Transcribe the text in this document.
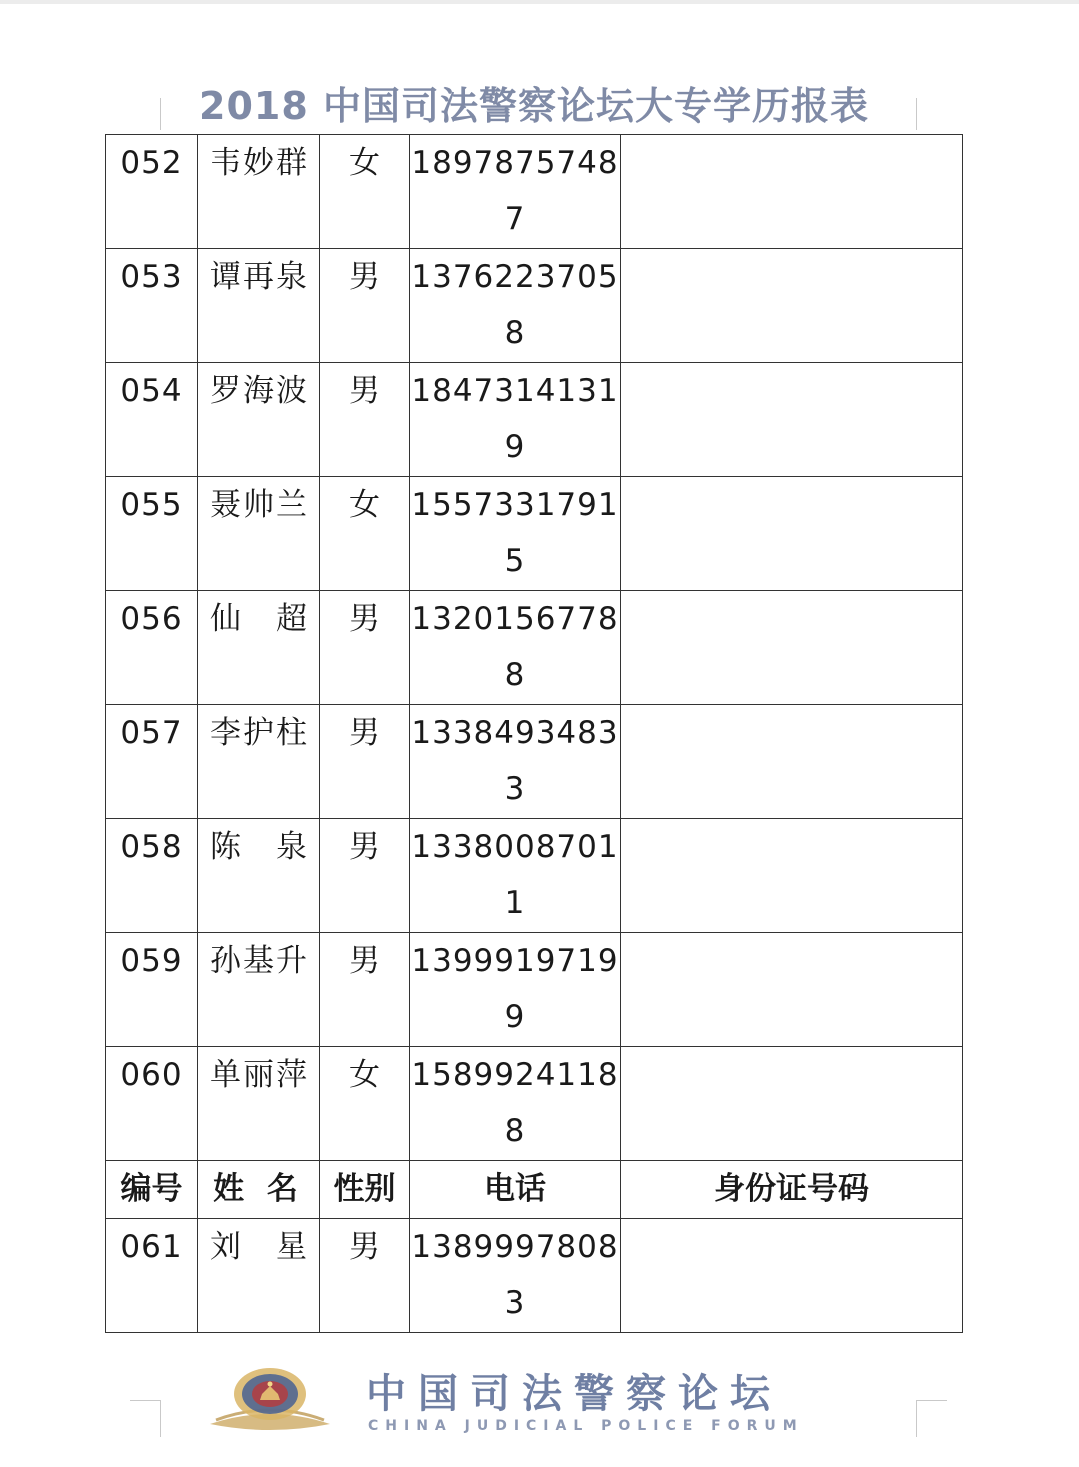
2018 中国司法警察论坛大专学历报表
052	韦妙群	女	1897875748
7	

053	谭再泉	男	1376223705
8	

054	罗海波	男	1847314131
9	

055	聂帅兰	女	1557331791
5	

056	仙　超	男	1320156778
8	

057	李护柱	男	1338493483
3	

058	陈　泉	男	1338008701
1	

059	孙基升	男	1399919719
9	

060	单丽萍	女	1589924118
8	

编号	姓 名	性别	电话	身份证号码
061	刘　星	男	1389997808
3	

中国司法警察论坛
CHINA JUDICIAL POLICE FORUM
